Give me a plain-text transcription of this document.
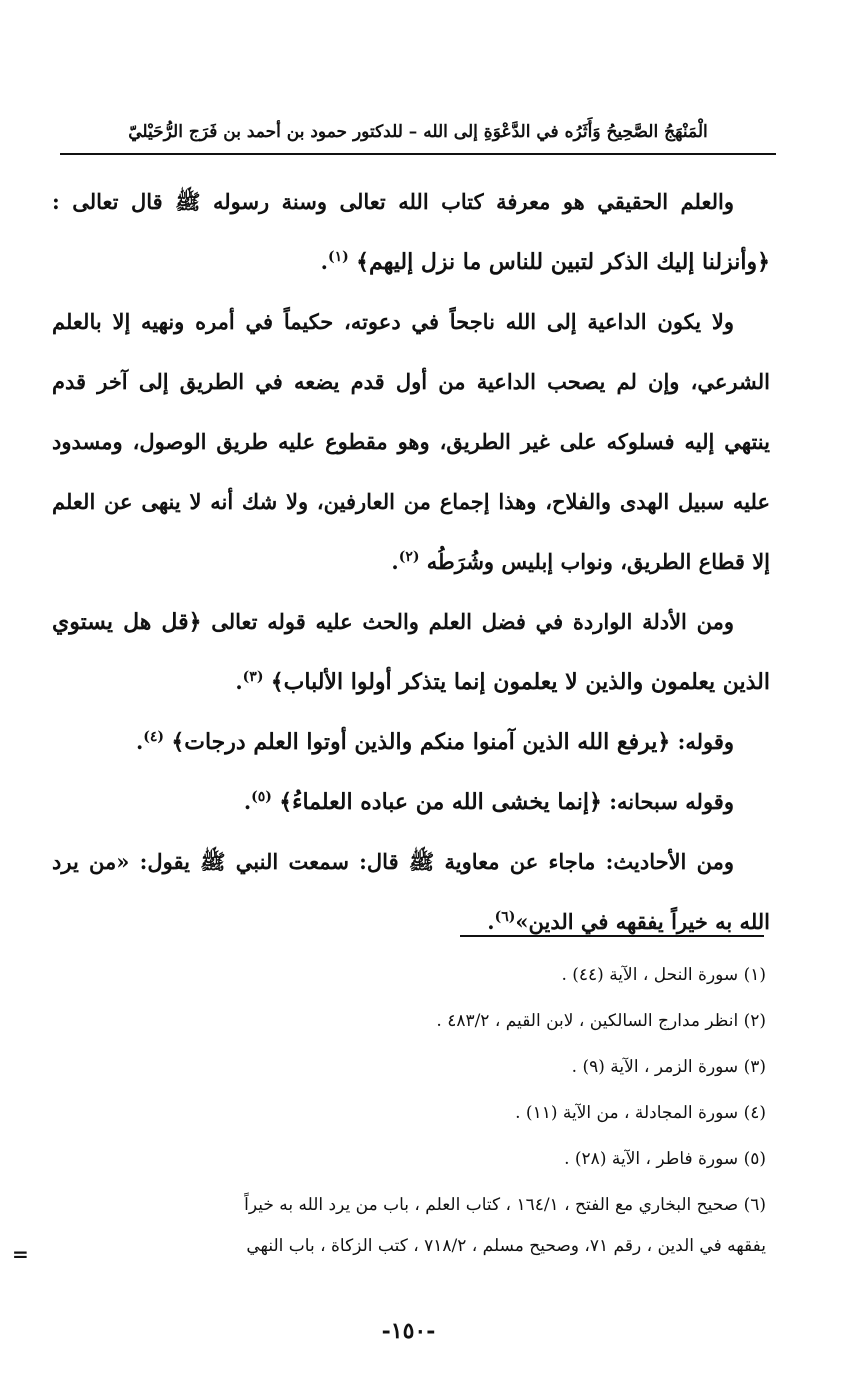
الْمَنْهَجُ الصَّحِيحُ وَأَثَرُه في الدَّعْوَةِ إلى الله – للدكتور حمود بن أحمد بن فَرَج الرُّحَيْليّ

والعلم الحقيقي هو معرفة كتاب الله تعالى وسنة رسوله ﷺ قال تعالى : ﴿وأنزلنا إليك الذكر لتبين للناس ما نزل إليهم﴾ $^{(١)}$.

ولا يكون الداعية إلى الله ناجحاً في دعوته، حكيماً في أمره ونهيه إلا بالعلم الشرعي، وإن لم يصحب الداعية من أول قدم يضعه في الطريق إلى آخر قدم ينتهي إليه فسلوكه على غير الطريق، وهو مقطوع عليه طريق الوصول، ومسدود عليه سبيل الهدى والفلاح، وهذا إجماع من العارفين، ولا شك أنه لا ينهى عن العلم إلا قطاع الطريق، ونواب إبليس وشُرَطُه $^{(٢)}$.

ومن الأدلة الواردة في فضل العلم والحث عليه قوله تعالى ﴿قل هل يستوي الذين يعلمون والذين لا يعلمون إنما يتذكر أولوا الألباب﴾ $^{(٣)}$.

وقوله: ﴿يرفع الله الذين آمنوا منكم والذين أوتوا العلم درجات﴾ $^{(٤)}$.

وقوله سبحانه: ﴿إنما يخشى الله من عباده العلماءُ﴾ $^{(٥)}$.

ومن الأحاديث: ماجاء عن معاوية ﷺ قال: سمعت النبي ﷺ يقول: «من يرد الله به خيراً يفقهه في الدين»$^{(٦)}$.

(١) سورة النحل ، الآية (٤٤) .

(٢) انظر مدارج السالكين ، لابن القيم ، ٤٨٣/٢ .

(٣) سورة الزمر ، الآية (٩) .

(٤) سورة المجادلة ، من الآية (١١) .

(٥) سورة فاطر ، الآية (٢٨) .

(٦) صحيح البخاري مع الفتح ، ١٦٤/١ ، كتاب العلم ، باب من يرد الله به خيراً

يفقهه في الدين ، رقم ٧١، وصحيح مسلم ، ٧١٨/٢ ، كتب الزكاة ، باب النهي

=
-١٥٠-
